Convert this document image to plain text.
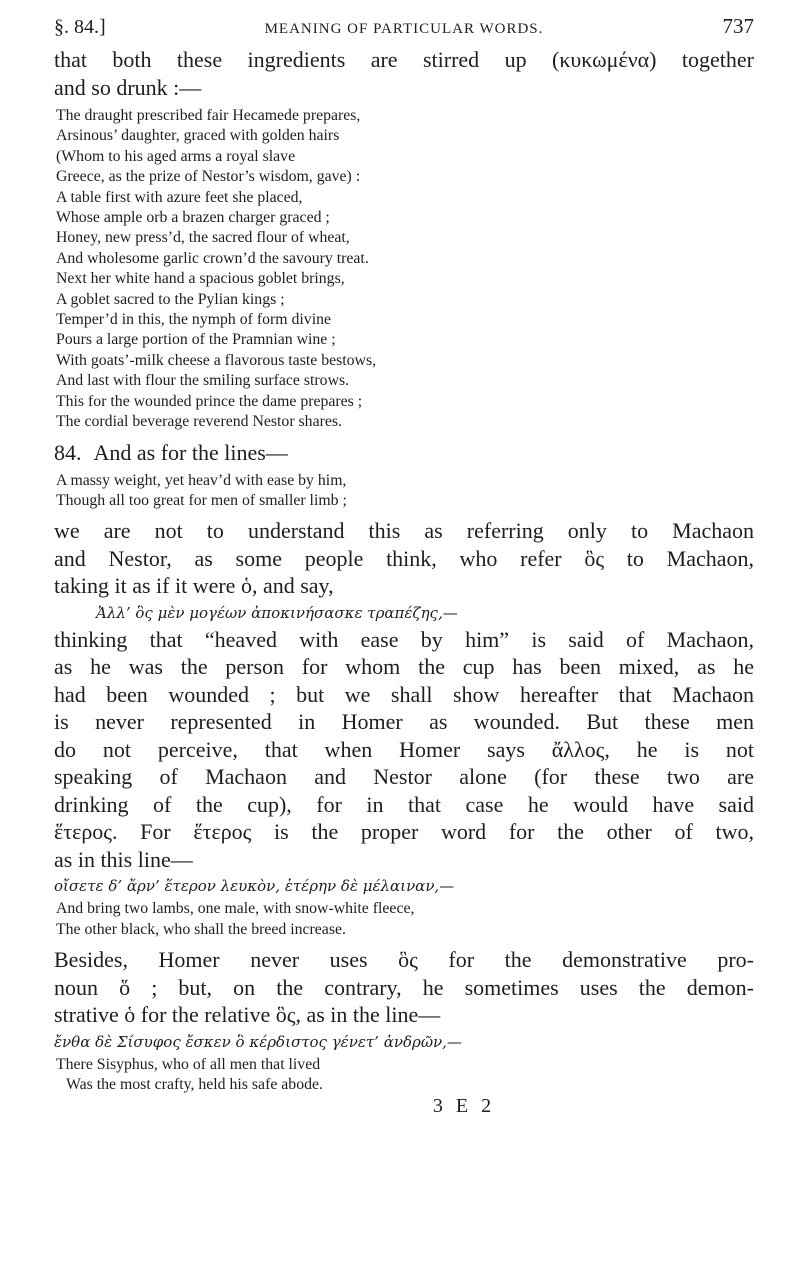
§. 84.]	MEANING OF PARTICULAR WORDS.	737

that both these ingredients are stirred up (κυκωμένα) together
and so drunk :—

The draught prescribed fair Hecamede prepares,
Arsinous’ daughter, graced with golden hairs
(Whom to his aged arms a royal slave
Greece, as the prize of Nestor’s wisdom, gave) :
A table first with azure feet she placed,
Whose ample orb a brazen charger graced ;
Honey, new press’d, the sacred flour of wheat,
And wholesome garlic crown’d the savoury treat.
Next her white hand a spacious goblet brings,
A goblet sacred to the Pylian kings ;
Temper’d in this, the nymph of form divine
Pours a large portion of the Pramnian wine ;
With goats’-milk cheese a flavorous taste bestows,
And last with flour the smiling surface strows.
This for the wounded prince the dame prepares ;
The cordial beverage reverend Nestor shares.
84. And as for the lines—
A massy weight, yet heav’d with ease by him,
Though all too great for men of smaller limb ;

we are not to understand this as referring only to Machaon
and Nestor, as some people think, who refer ὃς to Machaon,
taking it as if it were ὁ, and say,

Ἀλλ’ ὃς μὲν μογέων ἀποκινήσασκε τραπέζης,—

thinking that “heaved with ease by him” is said of Machaon,
as he was the person for whom the cup has been mixed, as he
had been wounded ; but we shall show hereafter that Machaon
is never represented in Homer as wounded. But these men
do not perceive, that when Homer says ἄλλος, he is not
speaking of Machaon and Nestor alone (for these two are
drinking of the cup), for in that case he would have said
ἕτερος. For ἕτερος is the proper word for the other of two,
as in this line—

οἴσετε δ’ ἄρν’ ἕτερον λευκὸν, ἑτέρην δὲ μέλαιναν,—
And bring two lambs, one male, with snow-white fleece,
The other black, who shall the breed increase.

Besides, Homer never uses ὃς for the demonstrative pro-
noun ὅ ; but, on the contrary, he sometimes uses the demon-
strative ὁ for the relative ὃς, as in the line—

ἔνθα δὲ Σίσυφος ἔσκεν ὃ κέρδιστος γένετ’ ἀνδρῶν,—
There Sisyphus, who of all men that lived
Was the most crafty, held his safe abode.
3 E 2
